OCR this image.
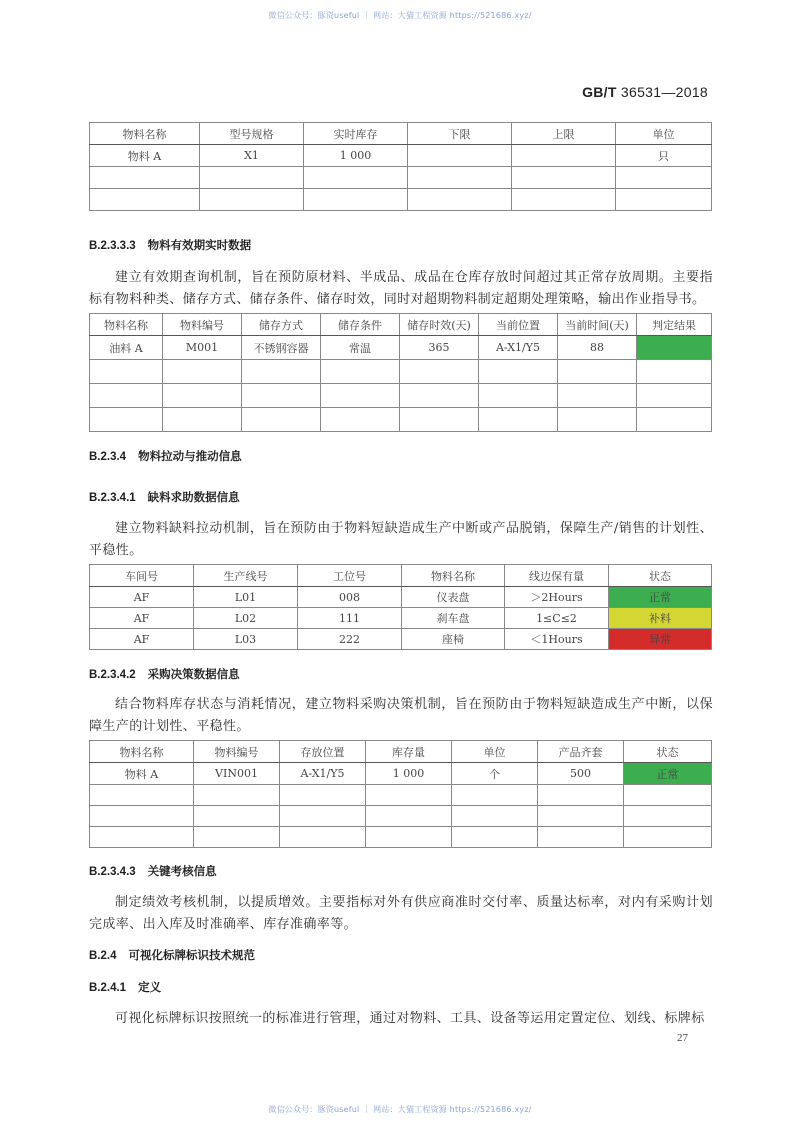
微信公众号：豚资useful ｜ 网站：大猫工程资源 https://521686.xyz/
GB/T 36531—2018
物料名称	型号规格	实时库存	下限	上限	单位
物料 A	X1	1 000			只

B.2.3.3.3 物料有效期实时数据
建立有效期查询机制，旨在预防原材料、半成品、成品在仓库存放时间超过其正常存放周期。主要指标有物料种类、储存方式、储存条件、储存时效，同时对超期物料制定超期处理策略，输出作业指导书。
物料名称	物料编号	储存方式	储存条件	储存时效(天)	当前位置	当前时间(天)	判定结果
油料 A	M001	不锈钢容器	常温	365	A-X1/Y5	88	

B.2.3.4 物料拉动与推动信息
B.2.3.4.1 缺料求助数据信息
建立物料缺料拉动机制，旨在预防由于物料短缺造成生产中断或产品脱销，保障生产/销售的计划性、平稳性。
车间号	生产线号	工位号	物料名称	线边保有量	状态
AF	L01	008	仪表盘	＞2Hours	正常
AF	L02	111	刹车盘	1≤C≤2	补料
AF	L03	222	座椅	＜1Hours	异常
B.2.3.4.2 采购决策数据信息
结合物料库存状态与消耗情况，建立物料采购决策机制，旨在预防由于物料短缺造成生产中断，以保障生产的计划性、平稳性。
物料名称	物料编号	存放位置	库存量	单位	产品齐套	状态
物料 A	VIN001	A-X1/Y5	1 000	个	500	正常

B.2.3.4.3 关键考核信息
制定绩效考核机制，以提质增效。主要指标对外有供应商准时交付率、质量达标率，对内有采购计划完成率、出入库及时准确率、库存准确率等。
B.2.4 可视化标牌标识技术规范
B.2.4.1 定义
可视化标牌标识按照统一的标准进行管理，通过对物料、工具、设备等运用定置定位、划线、标牌标
27
微信公众号：豚资useful ｜ 网站：大猫工程资源 https://521686.xyz/
